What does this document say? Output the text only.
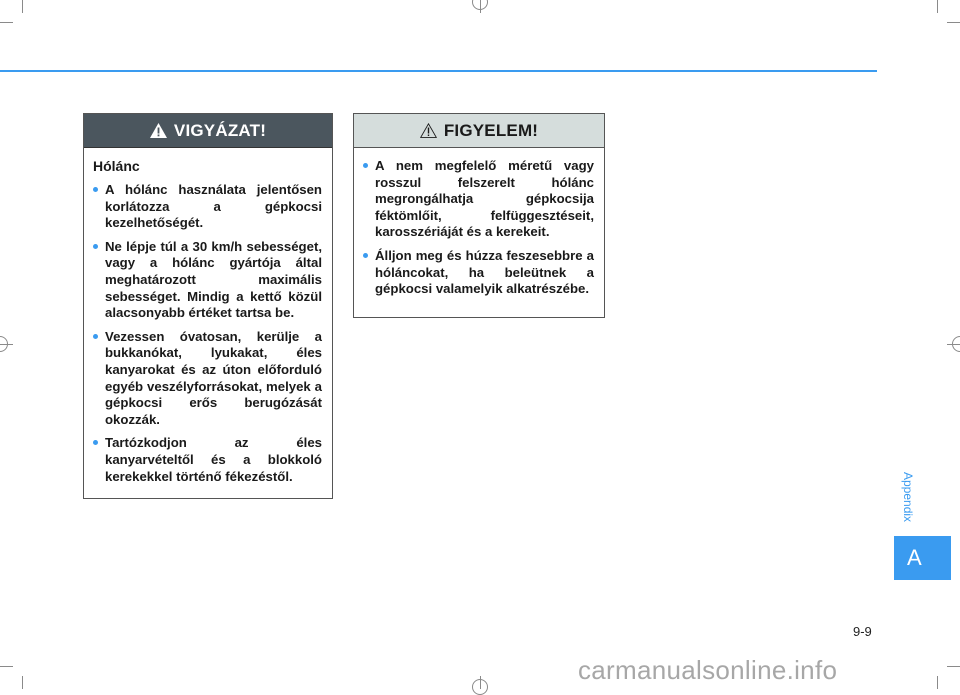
VIGYÁZAT!
Hólánc
A hólánc használata jelentősen korlátozza a gépkocsi kezelhetőségét.
Ne lépje túl a 30 km/h sebességet, vagy a hólánc gyártója által meghatározott maximális sebességet. Mindig a kettő közül alacsonyabb értéket tartsa be.
Vezessen óvatosan, kerülje a bukkanókat, lyukakat, éles kanyarokat és az úton előforduló egyéb veszélyforrásokat, melyek a gépkocsi erős berugózását okozzák.
Tartózkodjon az éles kanyarvételtől és a blokkoló kerekekkel történő fékezéstől.
FIGYELEM!
A nem megfelelő méretű vagy rosszul felszerelt hólánc megrongálhatja gépkocsija féktömlőit, felfüggesztéseit, karosszériáját és a kerekeit.
Álljon meg és húzza feszesebbre a hóláncokat, ha beleütnek a gépkocsi valamelyik alkatrészébe.
Appendix
A
9-9
carmanualsonline.info
